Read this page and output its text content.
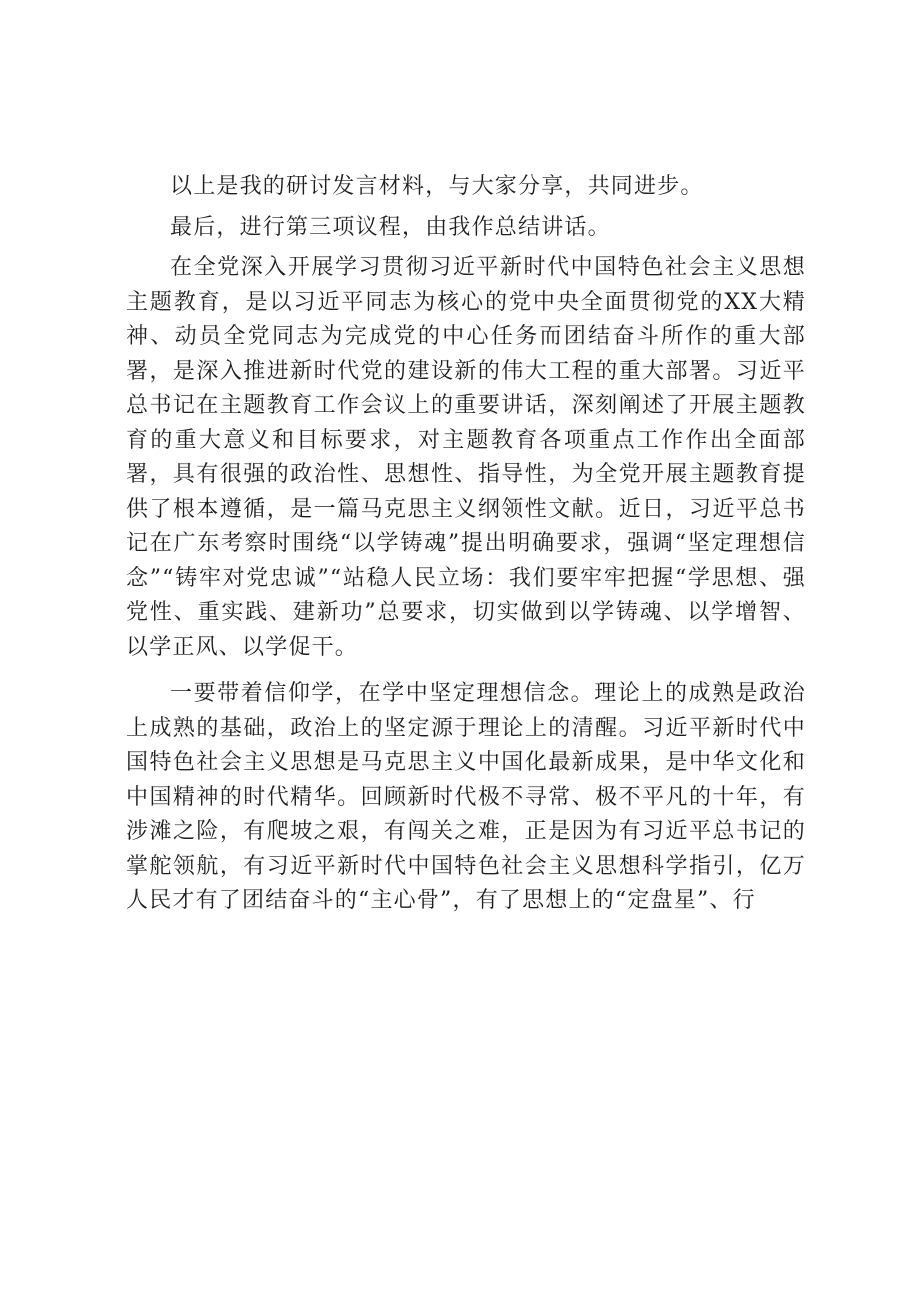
以上是我的研讨发言材料，与大家分享，共同进步。

最后，进行第三项议程，由我作总结讲话。

在全党深入开展学习贯彻习近平新时代中国特色社会主义思想主题教育，是以习近平同志为核心的党中央全面贯彻党的XX大精神、动员全党同志为完成党的中心任务而团结奋斗所作的重大部署，是深入推进新时代党的建设新的伟大工程的重大部署。习近平总书记在主题教育工作会议上的重要讲话，深刻阐述了开展主题教育的重大意义和目标要求，对主题教育各项重点工作作出全面部署，具有很强的政治性、思想性、指导性，为全党开展主题教育提供了根本遵循，是一篇马克思主义纲领性文献。近日，习近平总书记在广东考察时围绕“以学铸魂”提出明确要求，强调“坚定理想信念”“铸牢对党忠诚”“站稳人民立场：我们要牢牢把握“学思想、强党性、重实践、建新功”总要求，切实做到以学铸魂、以学增智、以学正风、以学促干。

一要带着信仰学，在学中坚定理想信念。理论上的成熟是政治上成熟的基础，政治上的坚定源于理论上的清醒。习近平新时代中国特色社会主义思想是马克思主义中国化最新成果，是中华文化和中国精神的时代精华。回顾新时代极不寻常、极不平凡的十年，有涉滩之险，有爬坡之艰，有闯关之难，正是因为有习近平总书记的掌舵领航，有习近平新时代中国特色社会主义思想科学指引，亿万人民才有了团结奋斗的“主心骨”，有了思想上的“定盘星”、行
